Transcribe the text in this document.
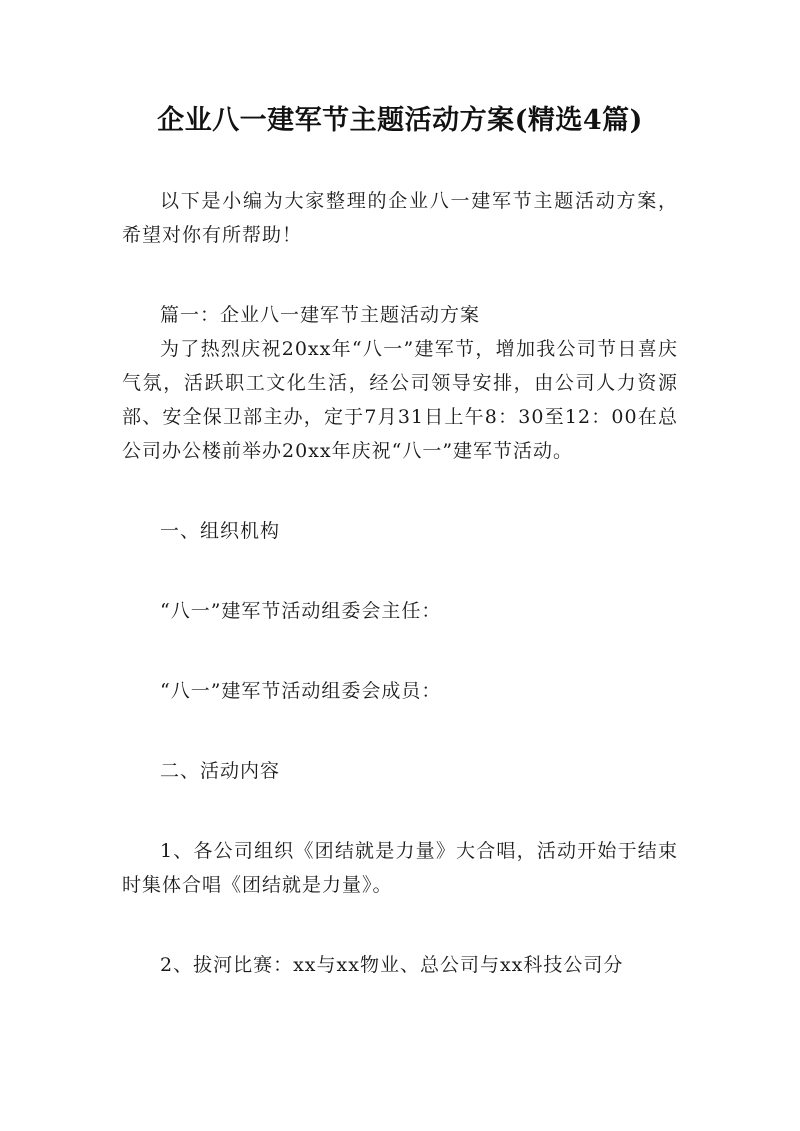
企业八一建军节主题活动方案(精选4篇)

以下是小编为大家整理的企业八一建军节主题活动方案，希望对你有所帮助！

篇一：企业八一建军节主题活动方案

为了热烈庆祝20xx年“八一”建军节，增加我公司节日喜庆气氛，活跃职工文化生活，经公司领导安排，由公司人力资源部、安全保卫部主办，定于7月31日上午8：30至12：00在总公司办公楼前举办20xx年庆祝“八一”建军节活动。

一、组织机构

“八一”建军节活动组委会主任：

“八一”建军节活动组委会成员：

二、活动内容

1、各公司组织《团结就是力量》大合唱，活动开始于结束时集体合唱《团结就是力量》。

2、拔河比赛：xx与xx物业、总公司与xx科技公司分
